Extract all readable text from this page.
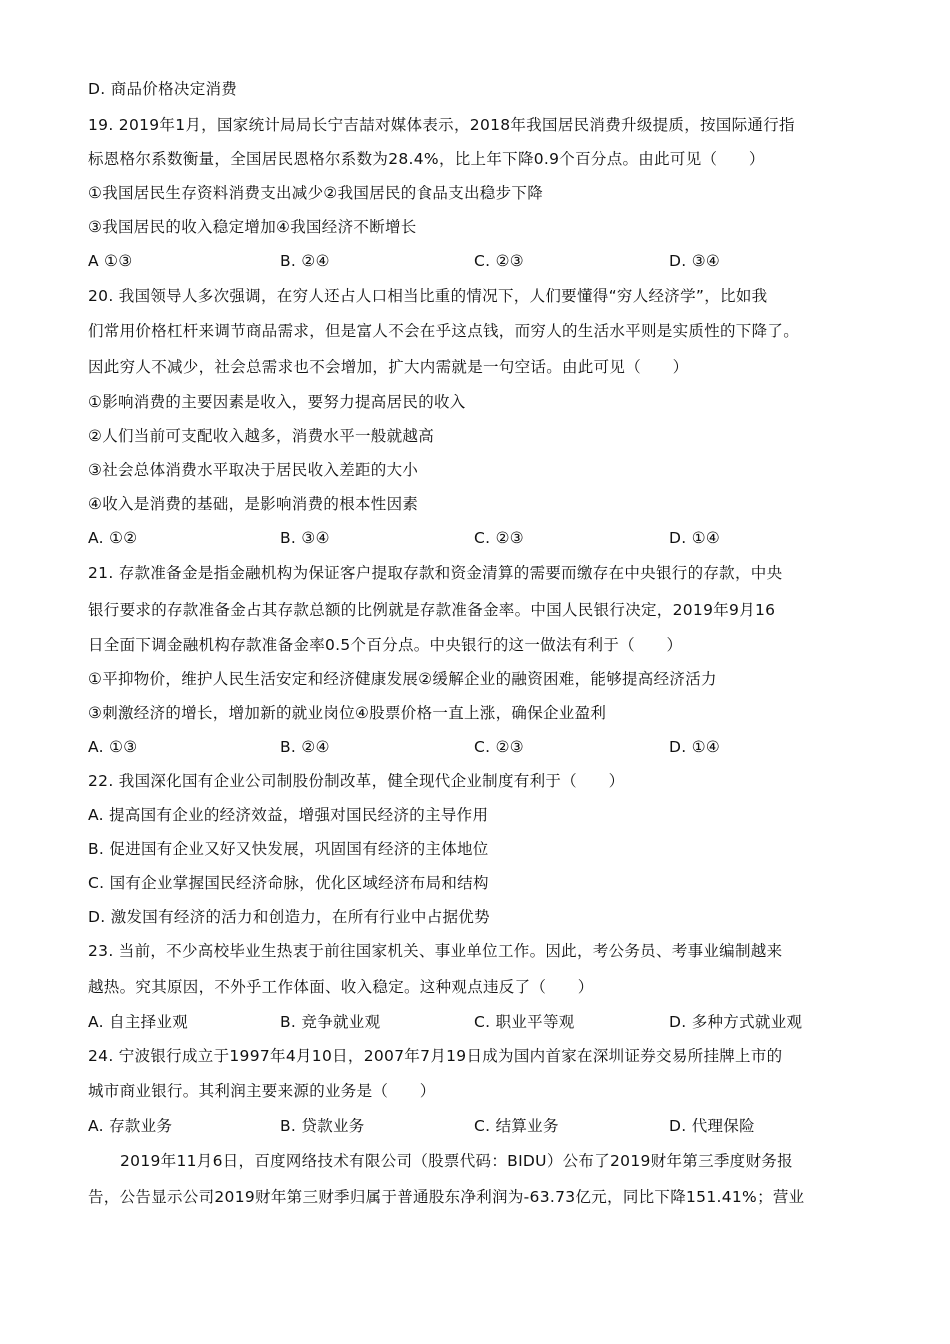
D. 商品价格决定消费
19. 2019年1月，国家统计局局长宁吉喆对媒体表示，2018年我国居民消费升级提质，按国际通行指
标恩格尔系数衡量，全国居民恩格尔系数为28.4%，比上年下降0.9个百分点。由此可见（　　）
①我国居民生存资料消费支出减少②我国居民的食品支出稳步下降
③我国居民的收入稳定增加④我国经济不断增长
A ①③	B. ②④	C. ②③	D. ③④
20. 我国领导人多次强调，在穷人还占人口相当比重的情况下，人们要懂得“穷人经济学”，比如我
们常用价格杠杆来调节商品需求，但是富人不会在乎这点钱，而穷人的生活水平则是实质性的下降了。
因此穷人不减少，社会总需求也不会增加，扩大内需就是一句空话。由此可见（　　）
①影响消费的主要因素是收入，要努力提高居民的收入
②人们当前可支配收入越多，消费水平一般就越高
③社会总体消费水平取决于居民收入差距的大小
④收入是消费的基础，是影响消费的根本性因素
A. ①②	B. ③④	C. ②③	D. ①④
21. 存款准备金是指金融机构为保证客户提取存款和资金清算的需要而缴存在中央银行的存款，中央
银行要求的存款准备金占其存款总额的比例就是存款准备金率。中国人民银行决定，2019年9月16
日全面下调金融机构存款准备金率0.5个百分点。中央银行的这一做法有利于（　　）
①平抑物价，维护人民生活安定和经济健康发展②缓解企业的融资困难，能够提高经济活力
③刺激经济的增长，增加新的就业岗位④股票价格一直上涨，确保企业盈利
A. ①③	B. ②④	C. ②③	D. ①④
22. 我国深化国有企业公司制股份制改革，健全现代企业制度有利于（　　）
A. 提高国有企业的经济效益，增强对国民经济的主导作用
B. 促进国有企业又好又快发展，巩固国有经济的主体地位
C. 国有企业掌握国民经济命脉，优化区域经济布局和结构
D. 激发国有经济的活力和创造力，在所有行业中占据优势
23. 当前，不少高校毕业生热衷于前往国家机关、事业单位工作。因此，考公务员、考事业编制越来
越热。究其原因，不外乎工作体面、收入稳定。这种观点违反了（　　）
A. 自主择业观	B. 竞争就业观	C. 职业平等观	D. 多种方式就业观
24. 宁波银行成立于1997年4月10日，2007年7月19日成为国内首家在深圳证券交易所挂牌上市的
城市商业银行。其利润主要来源的业务是（　　）
A. 存款业务	B. 贷款业务	C. 结算业务	D. 代理保险
2019年11月6日，百度网络技术有限公司（股票代码：BIDU）公布了2019财年第三季度财务报
告，公告显示公司2019财年第三财季归属于普通股东净利润为-63.73亿元，同比下降151.41%；营业
